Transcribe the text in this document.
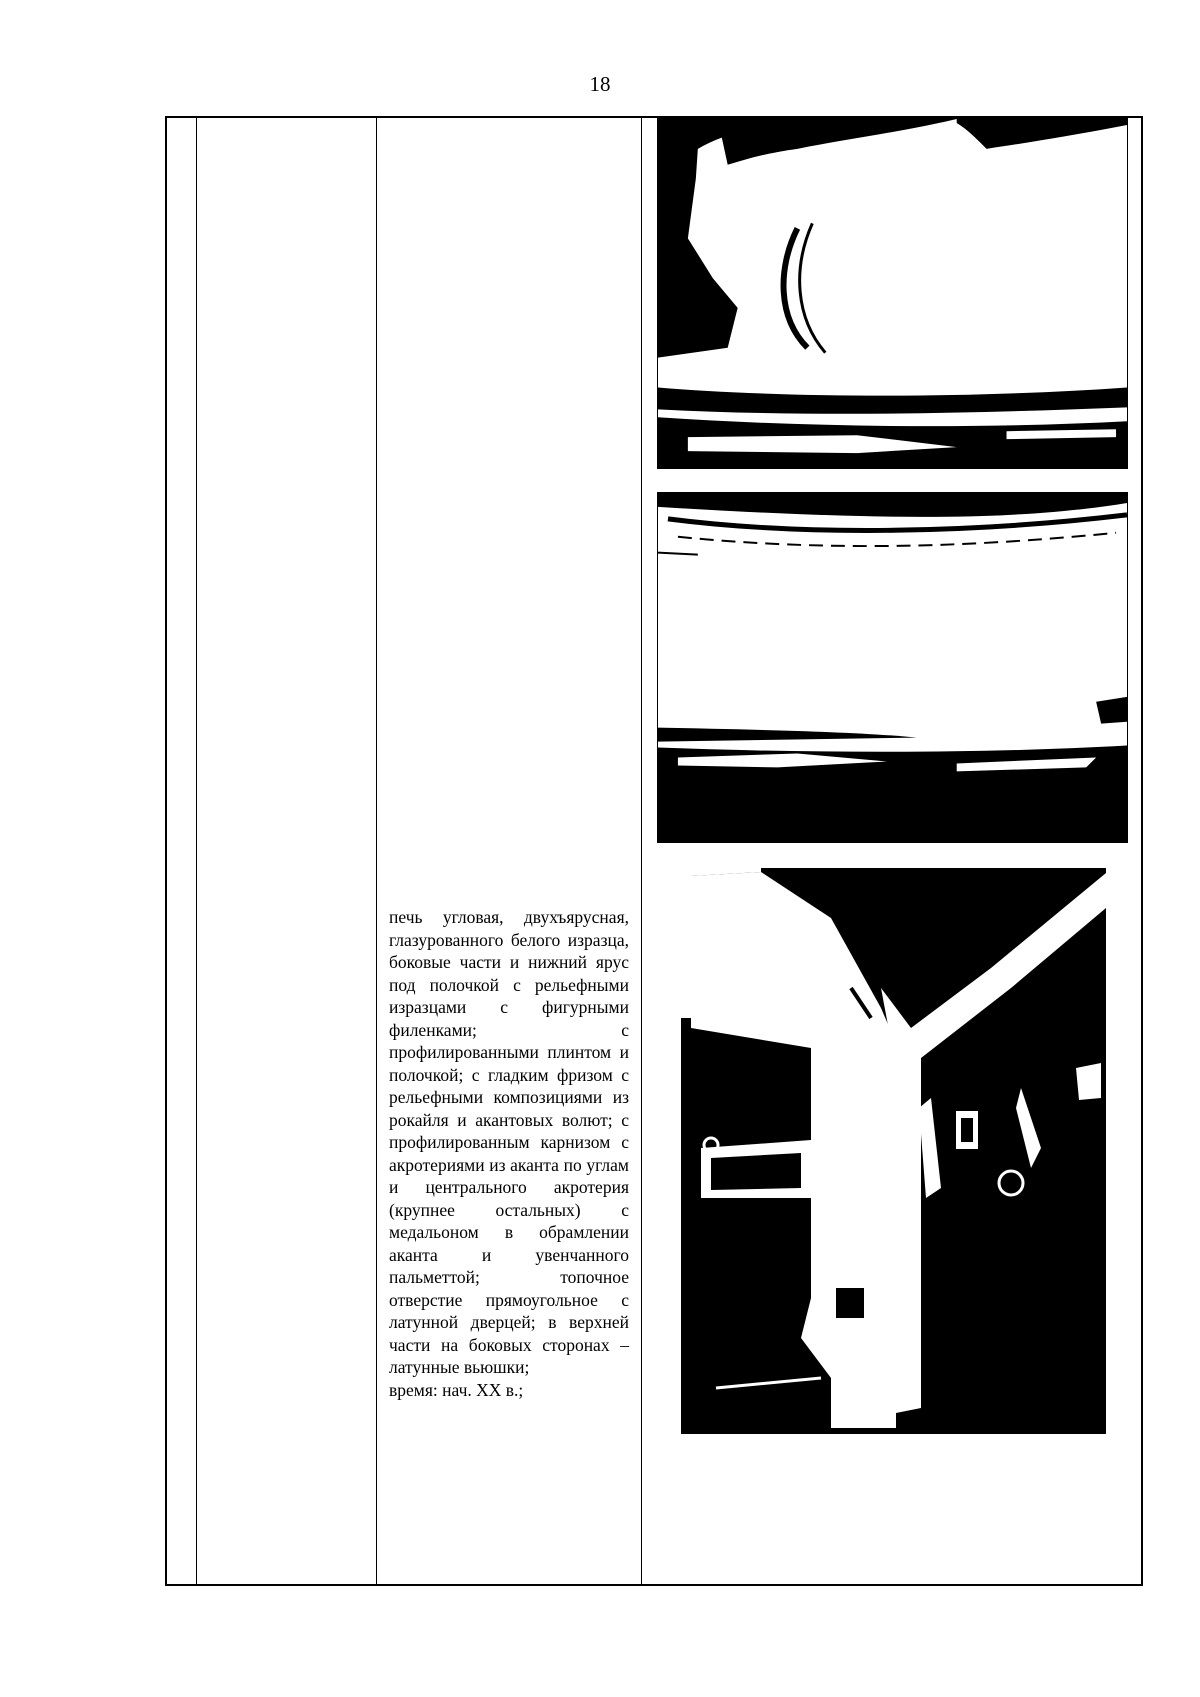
18
печь угловая, двухъярусная, глазурованного белого изразца, боковые части и нижний ярус под полочкой с рельефными изразцами с фигурными филенками; с профилированными плинтом и полочкой; с гладким фризом с рельефными композициями из рокайля и акантовых волют; с профилированным карнизом с акротериями из аканта по углам и центрального акротерия (крупнее остальных) с медальоном в обрамлении аканта и увенчанного пальметтой; топочное отверстие прямоугольное с латунной дверцей; в верхней части на боковых сторонах – латунные вьюшки;
время: нач. XX в.;
